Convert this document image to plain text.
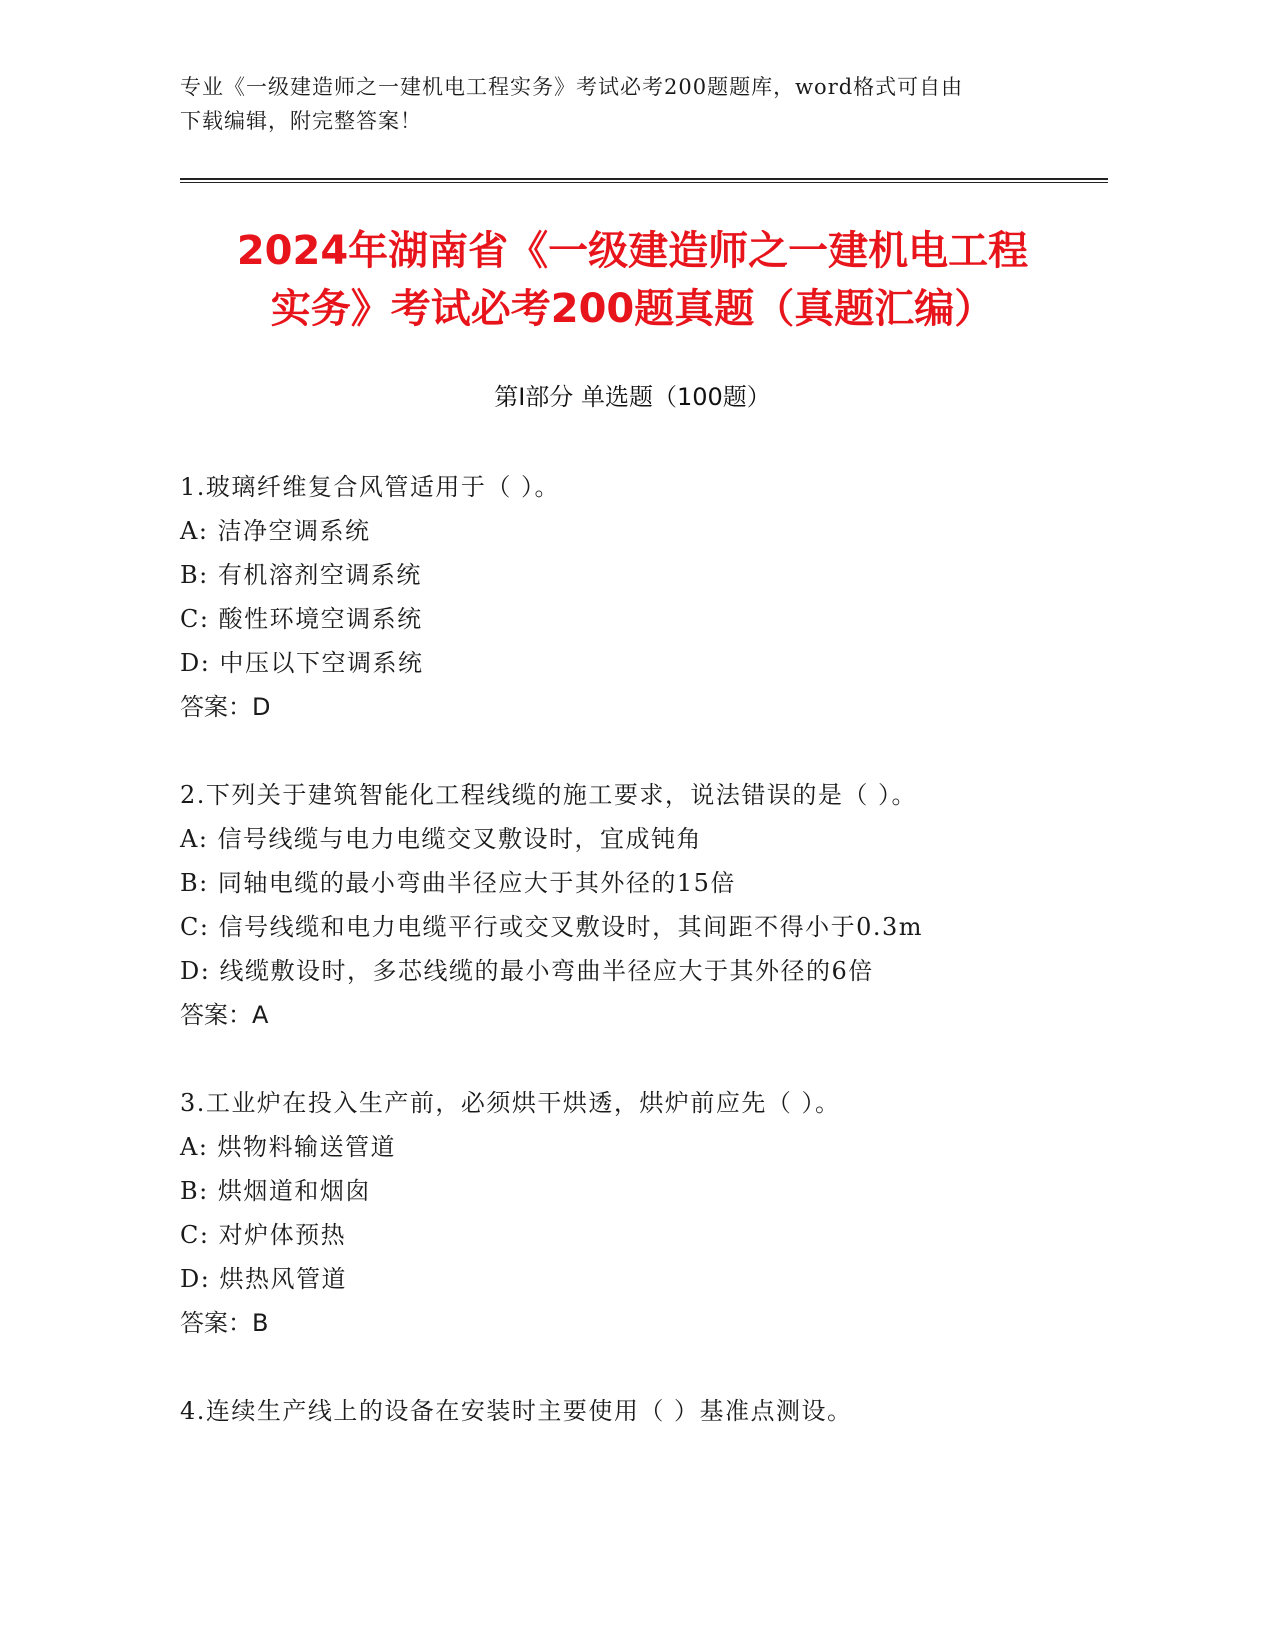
专业《一级建造师之一建机电工程实务》考试必考200题题库，word格式可自由
下载编辑，附完整答案！
2024年湖南省《一级建造师之一建机电工程
实务》考试必考200题真题（真题汇编）
第Ⅰ部分 单选题（100题）
1.玻璃纤维复合风管适用于（ ）。
A: 洁净空调系统
B: 有机溶剂空调系统
C: 酸性环境空调系统
D: 中压以下空调系统
答案：D
2.下列关于建筑智能化工程线缆的施工要求，说法错误的是（ ）。
A: 信号线缆与电力电缆交叉敷设时，宜成钝角
B: 同轴电缆的最小弯曲半径应大于其外径的15倍
C: 信号线缆和电力电缆平行或交叉敷设时，其间距不得小于0.3m
D: 线缆敷设时，多芯线缆的最小弯曲半径应大于其外径的6倍
答案：A
3.工业炉在投入生产前，必须烘干烘透，烘炉前应先（ ）。
A: 烘物料输送管道
B: 烘烟道和烟囱
C: 对炉体预热
D: 烘热风管道
答案：B
4.连续生产线上的设备在安装时主要使用（ ）基准点测设。
